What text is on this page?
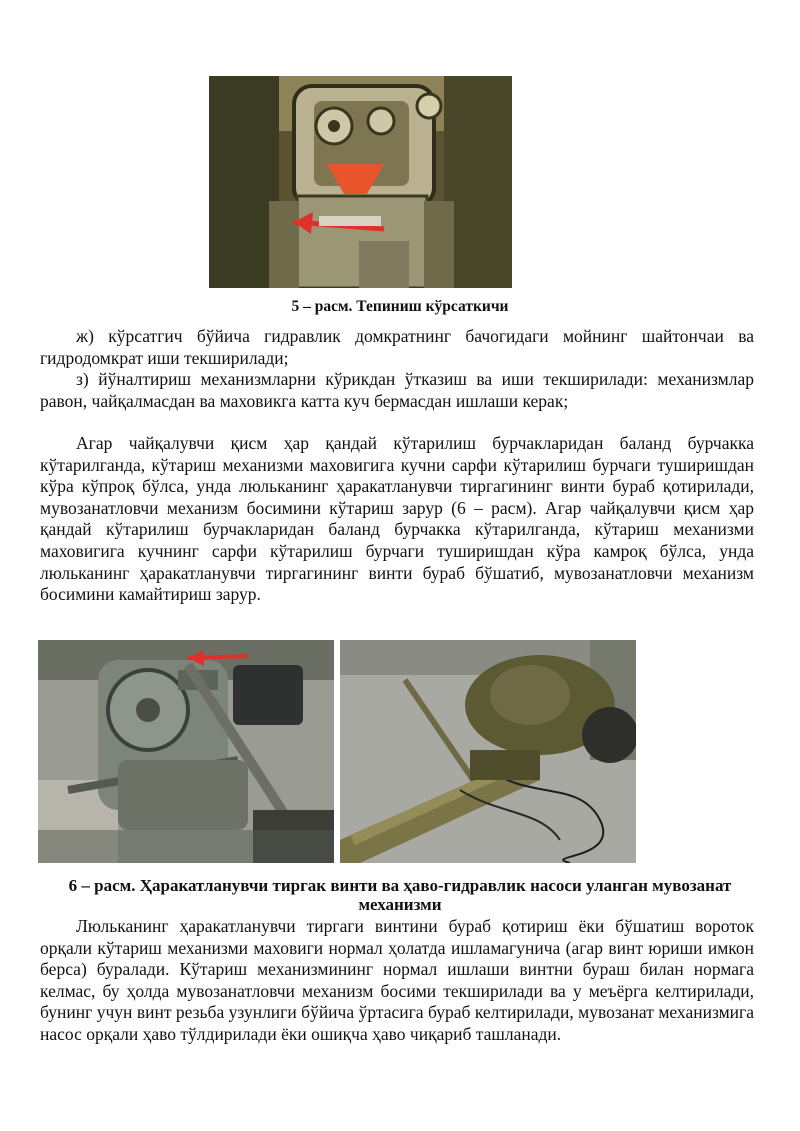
5 – расм. Тепиниш кўрсаткичи

ж) кўрсатгич бўйича гидравлик домкратнинг бачогидаги мойнинг шайтончаи ва гидродомкрат иши текширилади;

з) йўналтириш механизмларни кўрикдан ўтказиш ва иши текширилади: механизмлар равон, чайқалмасдан ва маховикга катта куч бермасдан ишлаши керак;

Агар чайқалувчи қисм ҳар қандай кўтарилиш бурчакларидан баланд бурчакка кўтарилганда, кўтариш механизми маховигига кучни сарфи кўтарилиш бурчаги туширишдан кўра кўпроқ бўлса, унда люльканинг ҳаракатланувчи тиргагининг винти бураб қотирилади, мувозанатловчи механизм босимини кўтариш зарур (6 – расм). Агар чайқалувчи қисм ҳар қандай кўтарилиш бурчакларидан баланд бурчакка кўтарилганда, кўтариш механизми маховигига кучнинг сарфи кўтарилиш бурчаги туширишдан кўра камроқ бўлса, унда люльканинг ҳаракатланувчи тиргагининг винти бураб бўшатиб, мувозанатловчи механизм босимини камайтириш зарур.

6 – расм. Ҳаракатланувчи тиргак винти ва ҳаво-гидравлик насоси уланган мувозанат механизми

Люльканинг ҳаракатланувчи тиргаги винтини бураб қотириш ёки бўшатиш вороток орқали кўтариш механизми маховиги нормал ҳолатда ишламагунича (агар винт юриши имкон берса) буралади. Кўтариш механизмининг нормал ишлаши винтни бураш билан нормага келмас, бу ҳолда мувозанатловчи механизм босими текширилади ва у меъёрга келтирилади, бунинг учун винт резьба узунлиги бўйича ўртасига бураб келтирилади, мувозанат механизмига насос орқали ҳаво тўлдирилади ёки ошиқча ҳаво чиқариб ташланади.
